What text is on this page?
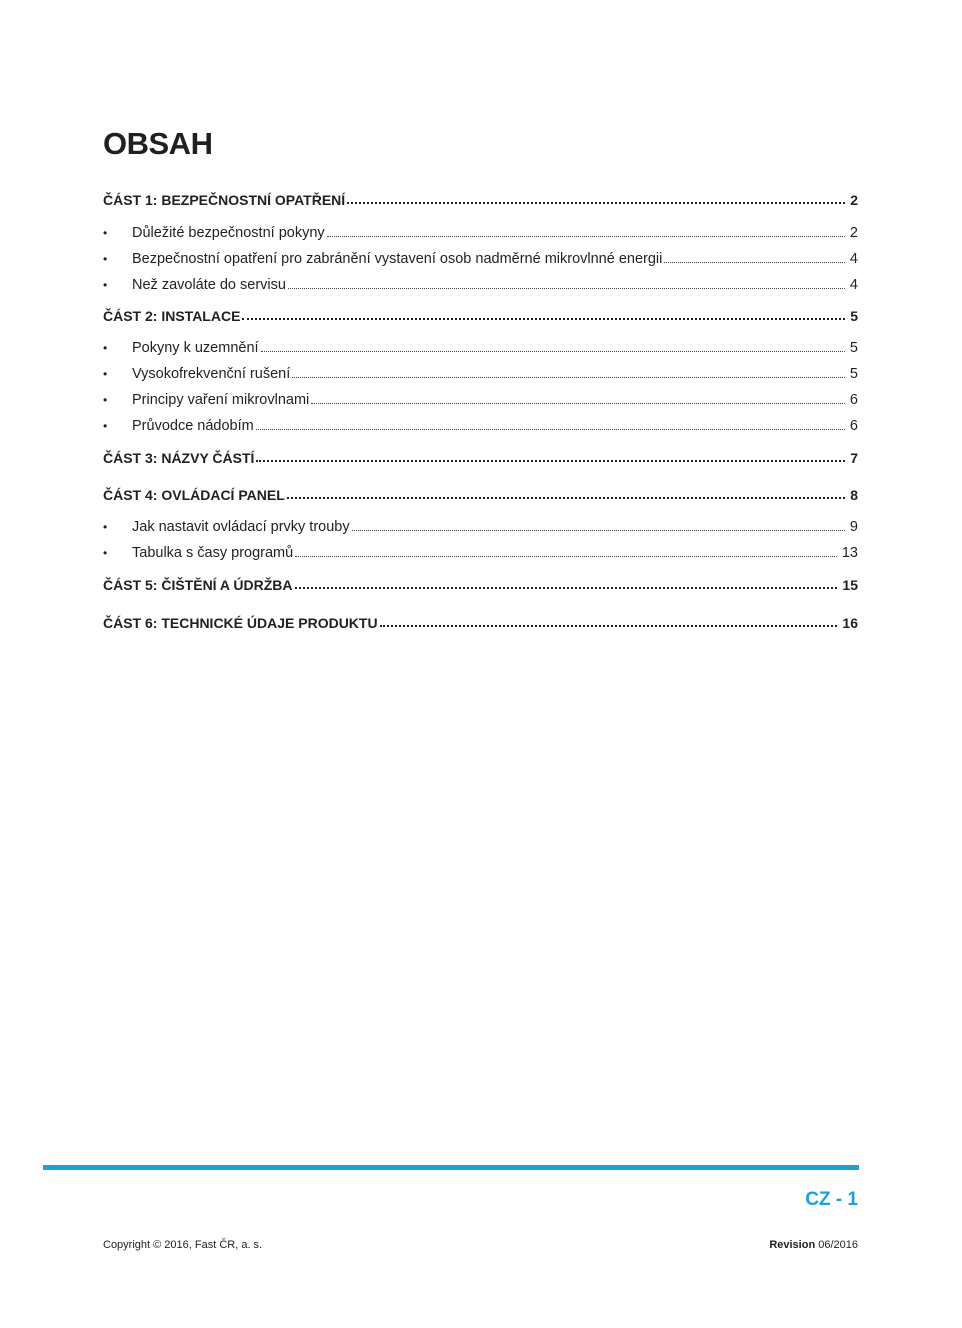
OBSAH
ČÁST 1: BEZPEČNOSTNÍ OPATŘENÍ	2
•	Důležité bezpečnostní pokyny	2
•	Bezpečnostní opatření pro zabránění vystavení osob nadměrné mikrovlnné energii	4
•	Než zavoláte do servisu	4
ČÁST 2: INSTALACE	5
•	Pokyny k uzemnění	5
•	Vysokofrekvenční rušení	5
•	Principy vaření mikrovlnami	6
•	Průvodce nádobím	6
ČÁST 3: NÁZVY ČÁSTÍ	7
ČÁST 4: OVLÁDACÍ PANEL	8
•	Jak nastavit ovládací prvky trouby	9
•	Tabulka s časy programů	13
ČÁST 5: ČIŠTĚNÍ A ÚDRŽBA	15
ČÁST 6: TECHNICKÉ ÚDAJE PRODUKTU	16
CZ - 1
Copyright © 2016, Fast ČR, a. s.	Revision 06/2016
